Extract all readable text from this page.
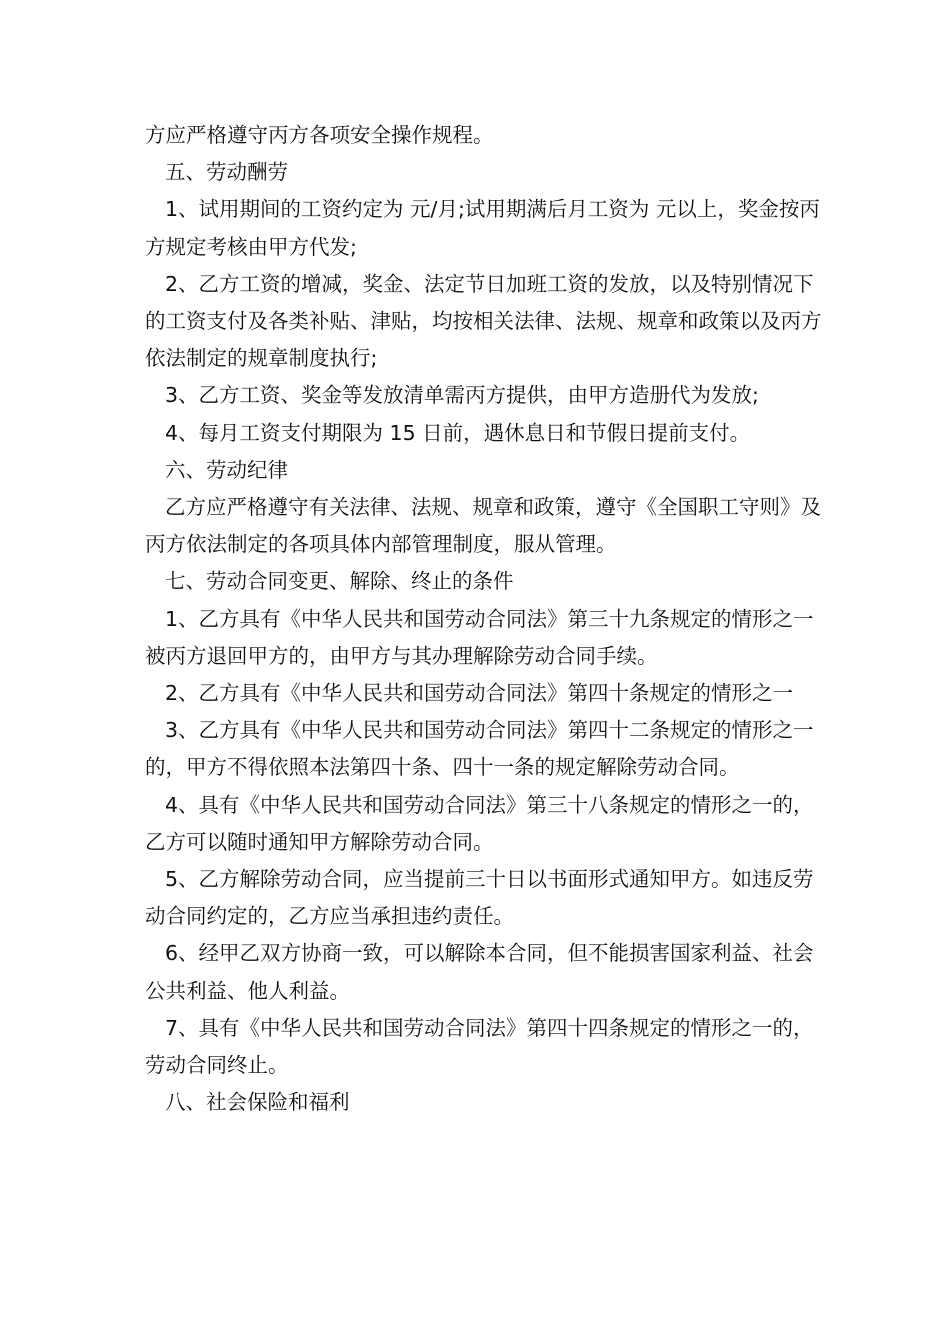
方应严格遵守丙方各项安全操作规程。

五、劳动酬劳

1、试用期间的工资约定为 元/月;试用期满后月工资为 元以上，奖金按丙方规定考核由甲方代发;

2、乙方工资的增减，奖金、法定节日加班工资的发放，以及特别情况下的工资支付及各类补贴、津贴，均按相关法律、法规、规章和政策以及丙方依法制定的规章制度执行;

3、乙方工资、奖金等发放清单需丙方提供，由甲方造册代为发放;

4、每月工资支付期限为 15 日前，遇休息日和节假日提前支付。

六、劳动纪律

乙方应严格遵守有关法律、法规、规章和政策，遵守《全国职工守则》及丙方依法制定的各项具体内部管理制度，服从管理。

七、劳动合同变更、解除、终止的条件

1、乙方具有《中华人民共和国劳动合同法》第三十九条规定的情形之一被丙方退回甲方的，由甲方与其办理解除劳动合同手续。

2、乙方具有《中华人民共和国劳动合同法》第四十条规定的情形之一

3、乙方具有《中华人民共和国劳动合同法》第四十二条规定的情形之一的，甲方不得依照本法第四十条、四十一条的规定解除劳动合同。

4、具有《中华人民共和国劳动合同法》第三十八条规定的情形之一的，乙方可以随时通知甲方解除劳动合同。

5、乙方解除劳动合同，应当提前三十日以书面形式通知甲方。如违反劳动合同约定的，乙方应当承担违约责任。

6、经甲乙双方协商一致，可以解除本合同，但不能损害国家利益、社会公共利益、他人利益。

7、具有《中华人民共和国劳动合同法》第四十四条规定的情形之一的，劳动合同终止。

八、社会保险和福利
